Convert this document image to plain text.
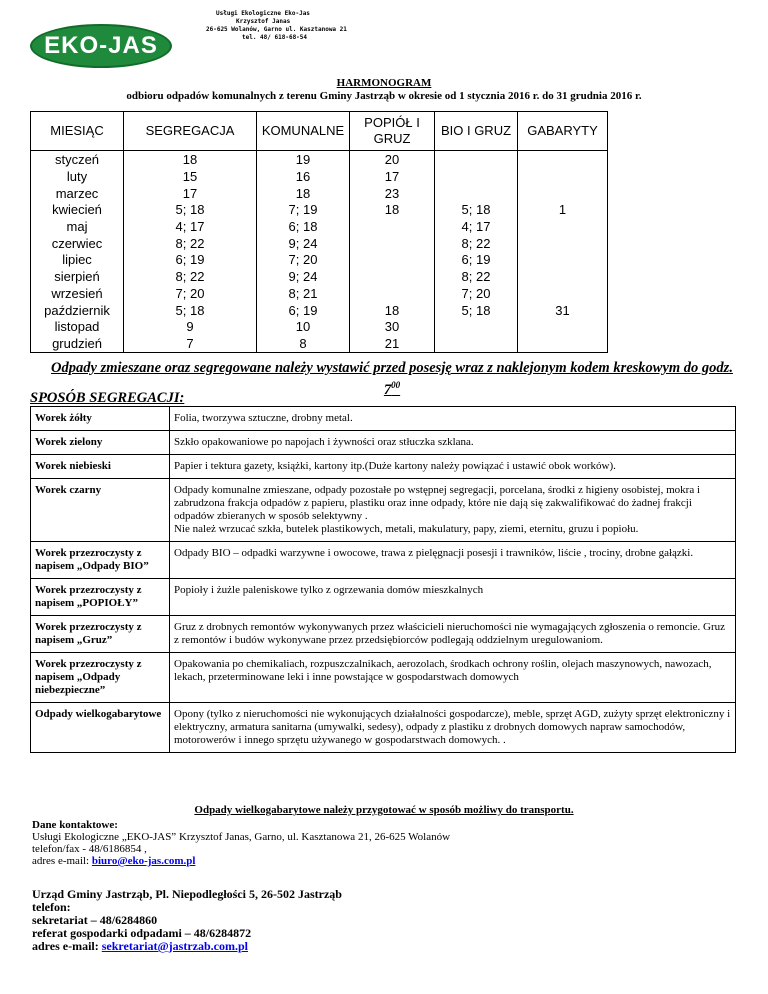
EKO-JAS
Usługi Ekologiczne Eko-Jas
Krzysztof Janas
26-625 Wolanów, Garno ul. Kasztanowa 21
tel. 48/ 618-68-54
HARMONOGRAM
odbioru odpadów komunalnych z terenu Gminy Jastrząb w okresie od 1 stycznia 2016 r. do 31 grudnia 2016 r.
MIESIĄC	SEGREGACJA	KOMUNALNE	POPIÓŁ I GRUZ	BIO I GRUZ	GABARYTY
styczeń	18	19	20		
luty	15	16	17		
marzec	17	18	23		
kwiecień	5; 18	7; 19	18	5; 18	1
maj	4; 17	6; 18		4; 17	
czerwiec	8; 22	9; 24		8; 22	
lipiec	6; 19	7; 20		6; 19	
sierpień	8; 22	9; 24		8; 22	
wrzesień	7; 20	8; 21		7; 20	
październik	5; 18	6; 19	18	5; 18	31
listopad	9	10	30		
grudzień	7	8	21		
Odpady zmieszane oraz segregowane należy wystawić przed posesję wraz z naklejonym kodem kreskowym do godz. $7^{00}$
SPOSÓB SEGREGACJI:
Worek żółty	Folia, tworzywa sztuczne, drobny metal.
Worek zielony	Szkło opakowaniowe po napojach i żywności oraz stłuczka szklana.
Worek niebieski	Papier i tektura gazety, książki, kartony itp.(Duże kartony należy powiązać i ustawić obok worków).
Worek czarny	Odpady komunalne zmieszane, odpady pozostałe po wstępnej segregacji, porcelana, środki z higieny osobistej, mokra i zabrudzona frakcja odpadów z papieru, plastiku oraz inne odpady, które nie dają się zakwalifikować do żadnej frakcji odpadów zbieranych w sposób selektywny .
Nie należ wrzucać szkła, butelek plastikowych, metali, makulatury, papy, ziemi, eternitu, gruzu i popiołu.
Worek przezroczysty z napisem „Odpady BIO”	Odpady BIO – odpadki warzywne i owocowe, trawa z pielęgnacji posesji i trawników, liście , trociny, drobne gałązki.
Worek przezroczysty z napisem „POPIOŁY”	Popioły i żużle paleniskowe tylko z ogrzewania domów mieszkalnych
Worek przezroczysty z napisem „Gruz”	Gruz z drobnych remontów wykonywanych przez właścicieli nieruchomości nie wymagających zgłoszenia o remoncie. Gruz z remontów i budów wykonywane przez przedsiębiorców podlegają oddzielnym uregulowaniom.
Worek przezroczysty z napisem „Odpady niebezpieczne”	Opakowania po chemikaliach, rozpuszczalnikach, aerozolach, środkach ochrony roślin, olejach maszynowych, nawozach, lekach, przeterminowane leki i inne powstające w gospodarstwach domowych
Odpady wielkogabarytowe	Opony (tylko z nieruchomości nie wykonujących działalności gospodarcze), meble, sprzęt AGD, zużyty sprzęt elektroniczny i elektryczny, armatura sanitarna (umywalki, sedesy), odpady z plastiku z drobnych domowych napraw samochodów, motorowerów i innego sprzętu używanego w gospodarstwach domowych. .
Odpady wielkogabarytowe należy przygotować w sposób możliwy do transportu.
Dane kontaktowe:
Usługi Ekologiczne „EKO-JAS” Krzysztof Janas, Garno, ul. Kasztanowa 21, 26-625 Wolanów
telefon/fax - 48/6186854 ,
adres e-mail: biuro@eko-jas.com.pl
Urząd Gminy Jastrząb, Pl. Niepodległości 5, 26-502 Jastrząb
telefon:
sekretariat – 48/6284860
referat gospodarki odpadami – 48/6284872
adres e-mail: sekretariat@jastrzab.com.pl
